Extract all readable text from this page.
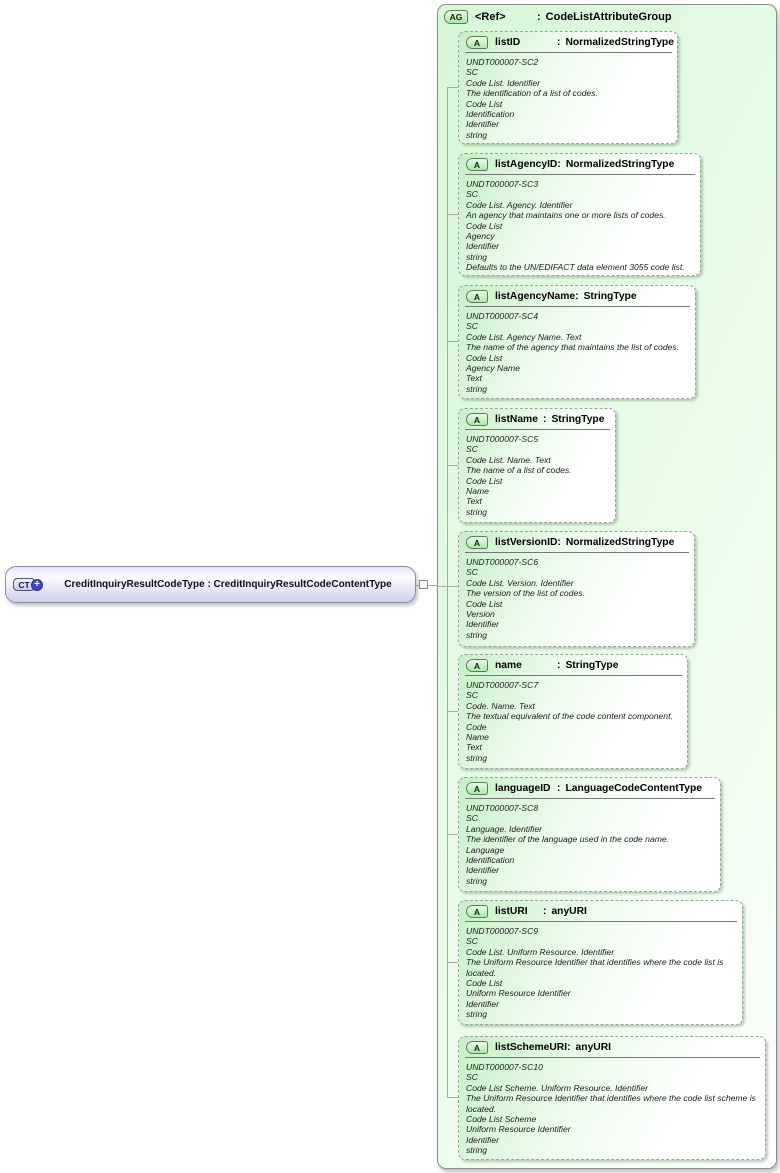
CT +	CreditInquiryResultCodeType : CreditInquiryResultCodeContentType
AG	<Ref>	: CodeListAttributeGroup
A	listID	: NormalizedStringType
UNDT000007-SC2
SC
Code List. Identifier
The identification of a list of codes.
Code List
Identification
Identifier
string
A	listAgencyID : NormalizedStringType
UNDT000007-SC3
SC
Code List. Agency. Identifier
An agency that maintains one or more lists of codes.
Code List
Agency
Identifier
string
Defaults to the UN/EDIFACT data element 3055 code list.
A	listAgencyName : StringType
UNDT000007-SC4
SC
Code List. Agency Name. Text
The name of the agency that maintains the list of codes.
Code List
Agency Name
Text
string
A	listName : StringType
UNDT000007-SC5
SC
Code List. Name. Text
The name of a list of codes.
Code List
Name
Text
string
A	listVersionID : NormalizedStringType
UNDT000007-SC6
SC
Code List. Version. Identifier
The version of the list of codes.
Code List
Version
Identifier
string
A	name	: StringType
UNDT000007-SC7
SC
Code. Name. Text
The textual equivalent of the code content component.
Code
Name
Text
string
A	languageID : LanguageCodeContentType
UNDT000007-SC8
SC
Language. Identifier
The identifier of the language used in the code name.
Language
Identification
Identifier
string
A	listURI	: anyURI
UNDT000007-SC9
SC
Code List. Uniform Resource. Identifier
The Uniform Resource Identifier that identifies where the code list is located.
Code List
Uniform Resource Identifier
Identifier
string
A	listSchemeURI : anyURI
UNDT000007-SC10
SC
Code List Scheme. Uniform Resource. Identifier
The Uniform Resource Identifier that identifies where the code list scheme is located.
Code List Scheme
Uniform Resource Identifier
Identifier
string
